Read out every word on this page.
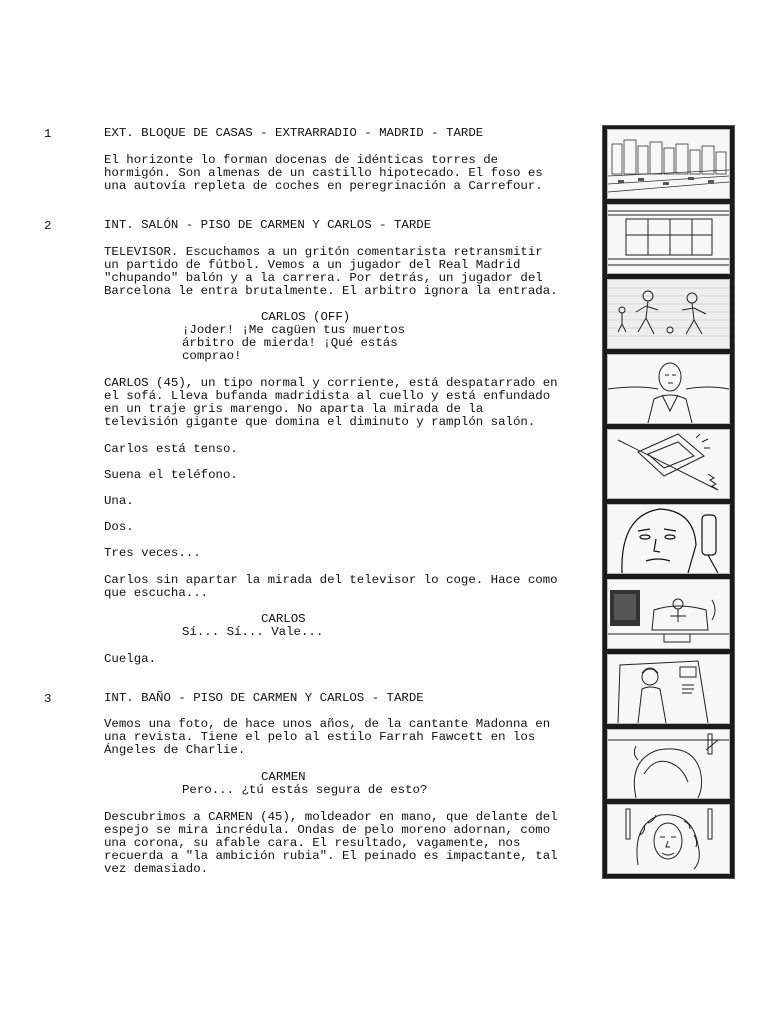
1	EXT. BLOQUE DE CASAS - EXTRARRADIO - MADRID - TARDE
El horizonte lo forman docenas de idénticas torres de
hormigón. Son almenas de un castillo hipotecado. El foso es
una autovía repleta de coches en peregrinación a Carrefour.
2	INT. SALÓN - PISO DE CARMEN Y CARLOS - TARDE
TELEVISOR. Escuchamos a un gritón comentarista retransmitir
un partido de fútbol. Vemos a un jugador del Real Madrid
"chupando" balón y a la carrera. Por detrás, un jugador del
Barcelona le entra brutalmente. El arbitro ignora la entrada.
CARLOS (OFF)
¡Joder! ¡Me cagüen tus muertos
árbitro de mierda! ¡Qué estás
comprao!
CARLOS (45), un tipo normal y corriente, está despatarrado en
el sofá. Lleva bufanda madridista al cuello y está enfundado
en un traje gris marengo. No aparta la mirada de la
televisión gigante que domina el diminuto y ramplón salón.
Carlos está tenso.
Suena el teléfono.
Una.
Dos.
Tres veces...
Carlos sin apartar la mirada del televisor lo coge. Hace como
que escucha...
CARLOS
Sí... Sí... Vale...
Cuelga.
3	INT. BAÑO - PISO DE CARMEN Y CARLOS - TARDE
Vemos una foto, de hace unos años, de la cantante Madonna en
una revista. Tiene el pelo al estilo Farrah Fawcett en los
Ángeles de Charlie.
CARMEN
Pero... ¿tú estás segura de esto?
Descubrimos a CARMEN (45), moldeador en mano, que delante del
espejo se mira incrédula. Ondas de pelo moreno adornan, como
una corona, su afable cara. El resultado, vagamente, nos
recuerda a "la ambición rubia". El peinado es impactante, tal
vez demasiado.
